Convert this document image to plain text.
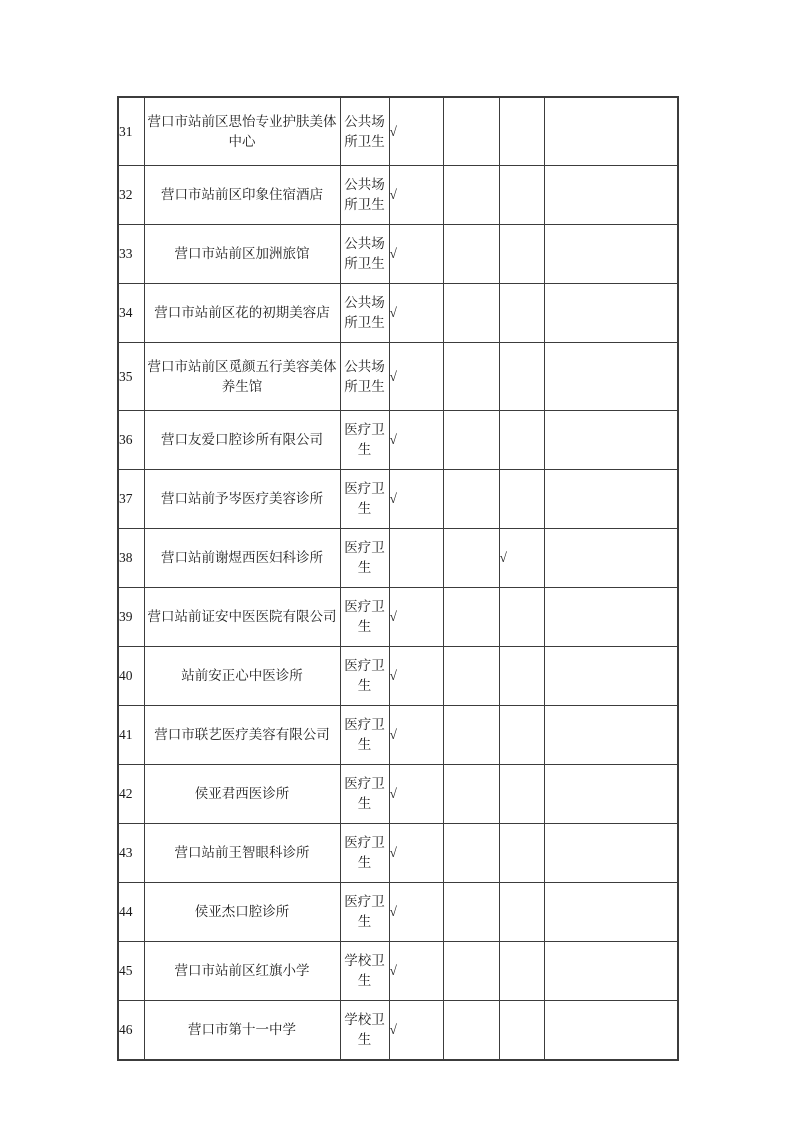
31	营口市站前区思怡专业护肤美体中心	公共场所卫生	√			
32	营口市站前区印象住宿酒店	公共场所卫生	√			
33	营口市站前区加洲旅馆	公共场所卫生	√			
34	营口市站前区花的初期美容店	公共场所卫生	√			
35	营口市站前区觅颜五行美容美体养生馆	公共场所卫生	√			
36	营口友爱口腔诊所有限公司	医疗卫生	√			
37	营口站前予岑医疗美容诊所	医疗卫生	√			
38	营口站前谢煜西医妇科诊所	医疗卫生			√	
39	营口站前证安中医医院有限公司	医疗卫生	√			
40	站前安正心中医诊所	医疗卫生	√			
41	营口市联艺医疗美容有限公司	医疗卫生	√			
42	侯亚君西医诊所	医疗卫生	√			
43	营口站前王智眼科诊所	医疗卫生	√			
44	侯亚杰口腔诊所	医疗卫生	√			
45	营口市站前区红旗小学	学校卫生	√			
46	营口市第十一中学	学校卫生	√			
